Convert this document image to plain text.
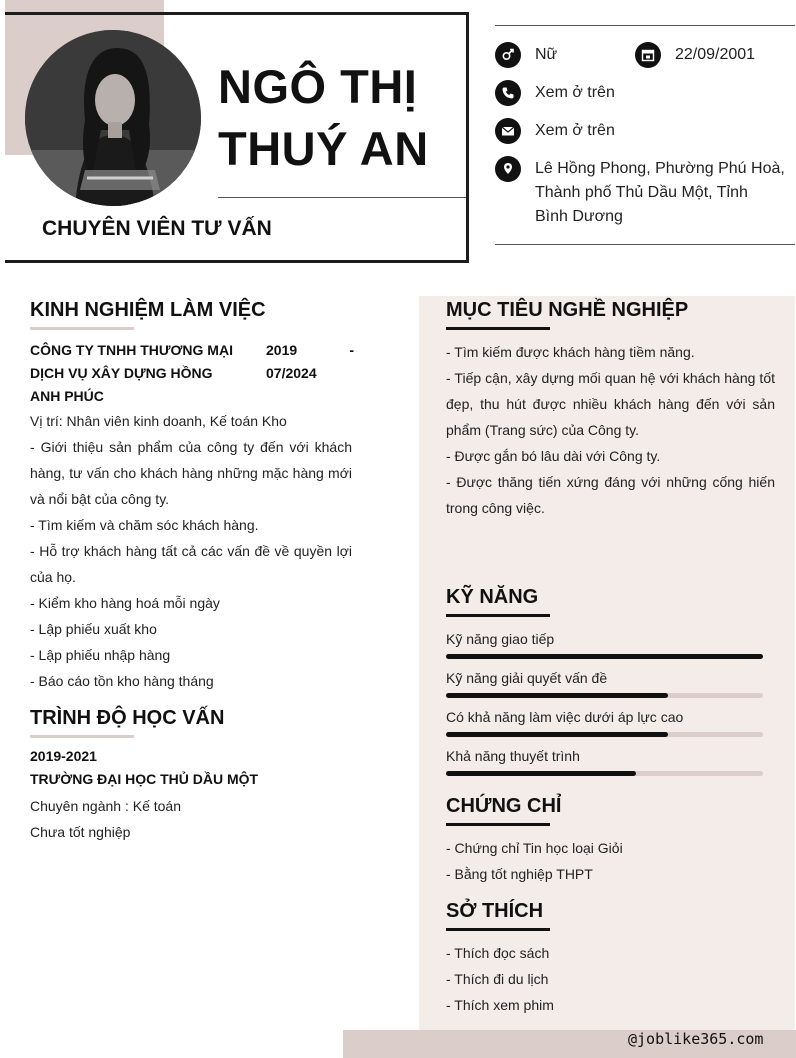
NGÔ THỊ
THUÝ AN
CHUYÊN VIÊN TƯ VẤN
Nữ	22/09/2001
Xem ở trên
Xem ở trên
Lê Hồng Phong, Phường Phú Hoà, Thành phố Thủ Dầu Một, Tỉnh Bình Dương
KINH NGHIỆM LÀM VIỆC
CÔNG TY TNHH THƯƠNG MẠI DỊCH VỤ XÂY DỰNG HỒNG ANH PHÚC
2019 - 07/2024

Vị trí: Nhân viên kinh doanh, Kế toán Kho

- Giới thiệu sản phẩm của công ty đến với khách hàng, tư vấn cho khách hàng những mặc hàng mới và nổi bật của công ty.

- Tìm kiếm và chăm sóc khách hàng.

- Hỗ trợ khách hàng tất cả các vấn đề về quyền lợi của họ.

- Kiểm kho hàng hoá mỗi ngày

- Lập phiếu xuất kho

- Lập phiếu nhập hàng

- Báo cáo tồn kho hàng tháng

TRÌNH ĐỘ HỌC VẤN

2019-2021

TRƯỜNG ĐẠI HỌC THỦ DẦU MỘT

Chuyên ngành : Kế toán

Chưa tốt nghiệp

MỤC TIÊU NGHỀ NGHIỆP

- Tìm kiếm được khách hàng tiềm năng.

- Tiếp cận, xây dựng mối quan hệ với khách hàng tốt đẹp, thu hút được nhiều khách hàng đến với sản phẩm (Trang sức) của Công ty.

- Được gắn bó lâu dài với Công ty.

- Được thăng tiến xứng đáng với những cống hiến trong công việc.

KỸ NĂNG
Kỹ năng giao tiếp
Kỹ năng giải quyết vấn đề
Có khả năng làm việc dưới áp lực cao
Khả năng thuyết trình
CHỨNG CHỈ

- Chứng chỉ Tin học loại Giỏi

- Bằng tốt nghiệp THPT

SỞ THÍCH

- Thích đọc sách

- Thích đi du lịch

- Thích xem phim

@joblike365.com
